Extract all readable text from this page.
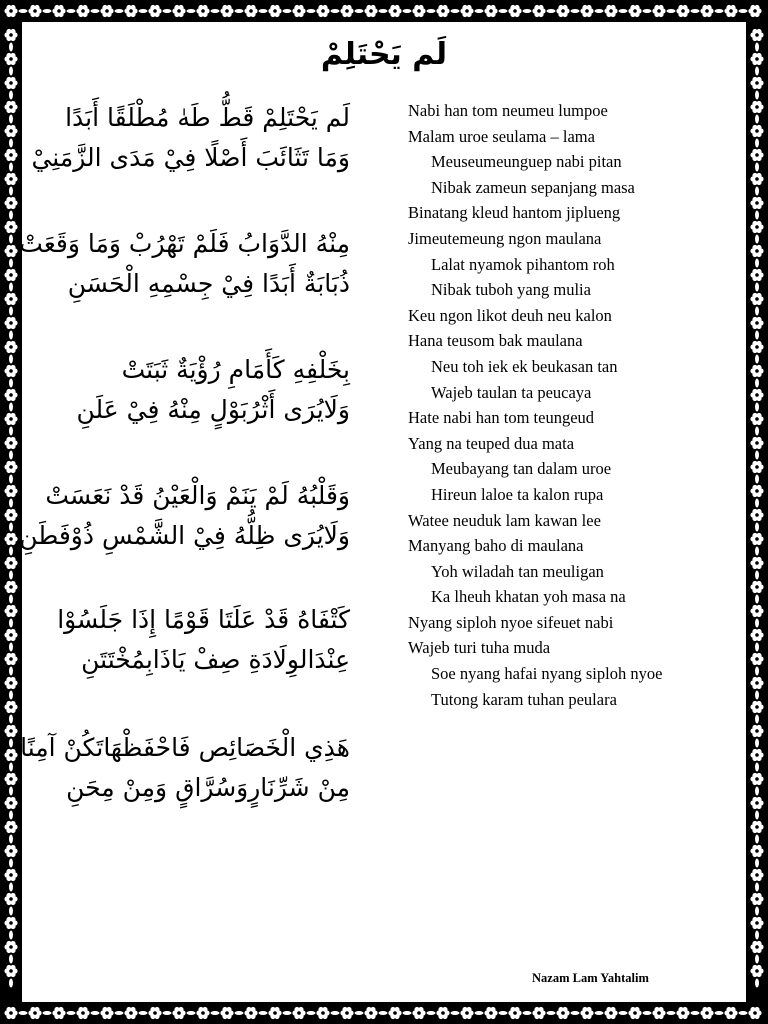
لَم يَحْتَلِمْ
لَم يَحْتَلِمْ قَطُّ طَهٰ مُطْلَقًا أَبَدًا
وَمَا تَثَائَبَ أَصْلًا فِيْ مَدَى الزَّمَنِيْ
مِنْهُ الدَّوَابُ فَلَمْ تَهْرُبْ وَمَا وَقَعَتْ
ذُبَابَةٌ أَبَدًا فِيْ جِسْمِهِ الْحَسَنِ
بِخَلْفِهِ كَأَمَامِ رُؤْيَةٌ ثَبَتَتْ
وَلَايُرَى أَثْرُبَوْلٍ مِنْهُ فِيْ عَلَنِ
وَقَلْبُهُ لَمْ يَنَمْ وَالْعَيْنُ قَدْ نَعَسَتْ
وَلَايُرَى ظِلُّهُ فِيْ الشَّمْسِ ذُوْفَطَنِ
كَتْفَاهُ قَدْ عَلَتَا قَوْمًا إِذَا جَلَسُوْا
عِنْدَالوِلَادَةِ صِفْ يَاذَابِمُخْتَتَنِ
هَذِي الْخَصَائِص فَاحْفَظْهَاتَكُنْ آمِنًا
مِنْ شَرِّنَارٍوَسُرَّاقٍ وَمِنْ مِحَنِ
Nabi han tom neumeu lumpoe
Malam uroe seulama – lama
Meuseumeunguep nabi pitan
Nibak zameun sepanjang masa
Binatang kleud hantom jiplueng
Jimeutemeung ngon maulana
Lalat nyamok pihantom roh
Nibak tuboh yang mulia
Keu ngon likot deuh neu kalon
Hana teusom bak maulana
Neu toh iek ek beukasan tan
Wajeb taulan ta peucaya
Hate nabi han tom teungeud
Yang na teuped dua mata
Meubayang tan dalam uroe
Hireun laloe ta kalon rupa
Watee neuduk lam kawan lee
Manyang baho di maulana
Yoh wiladah tan meuligan
Ka lheuh khatan yoh masa na
Nyang siploh nyoe sifeuet nabi
Wajeb turi tuha muda
Soe nyang hafai nyang siploh nyoe
Tutong karam tuhan peulara
Nazam Lam Yahtalim
